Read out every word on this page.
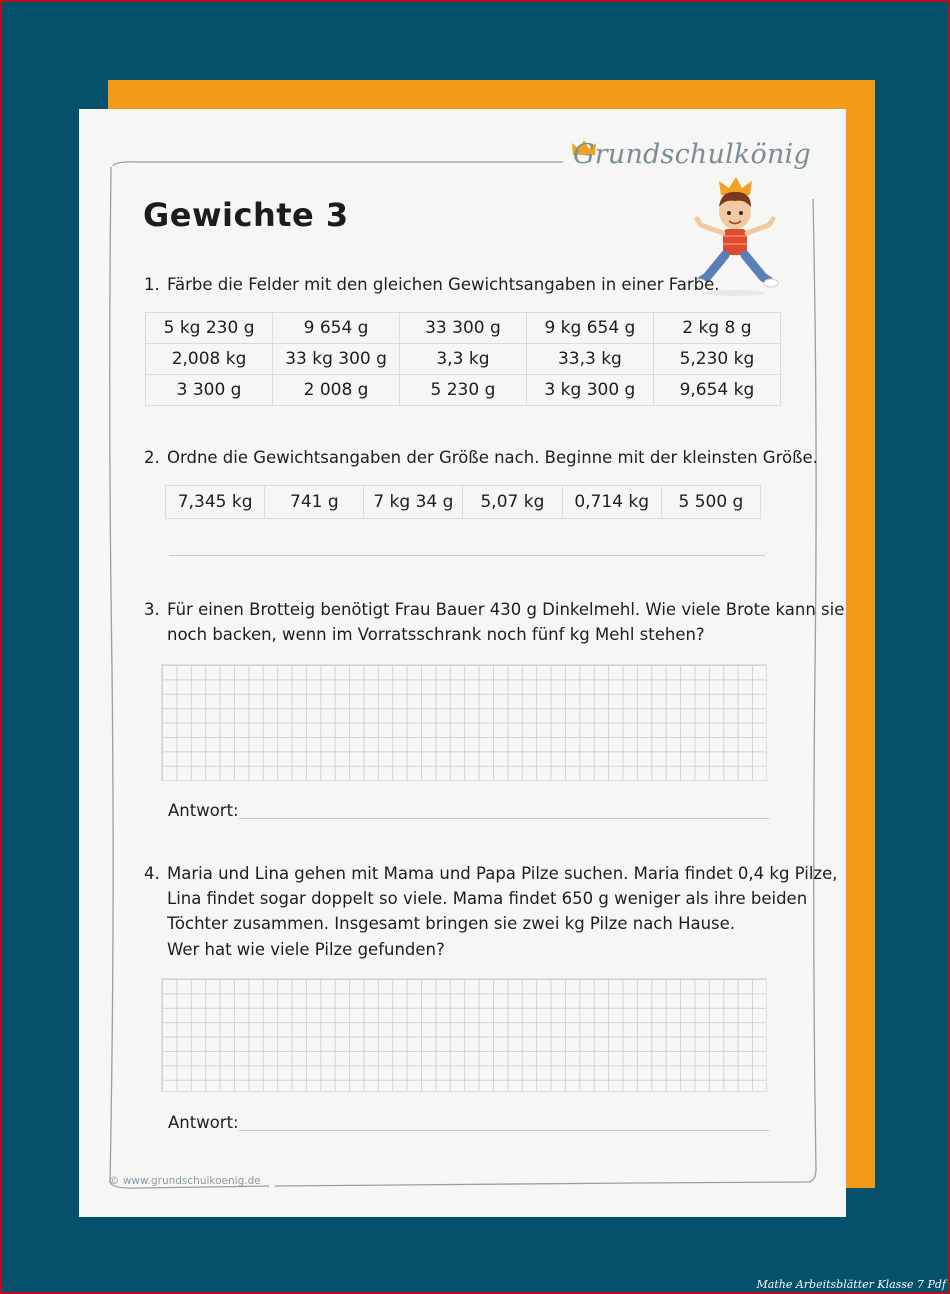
Grundschulkönig
Gewichte 3
1. Färbe die Felder mit den gleichen Gewichtsangaben in einer Farbe.
5 kg 230 g	9 654 g	33 300 g	9 kg 654 g	2 kg 8 g
2,008 kg	33 kg 300 g	3,3 kg	33,3 kg	5,230 kg
3 300 g	2 008 g	5 230 g	3 kg 300 g	9,654 kg
2. Ordne die Gewichtsangaben der Größe nach. Beginne mit der kleinsten Größe.
7,345 kg	741 g	7 kg 34 g	5,07 kg	0,714 kg	5 500 g
3. Für einen Brotteig benötigt Frau Bauer 430 g Dinkelmehl. Wie viele Brote kann sie
noch backen, wenn im Vorratsschrank noch fünf kg Mehl stehen?
Antwort:
4. Maria und Lina gehen mit Mama und Papa Pilze suchen. Maria findet 0,4 kg Pilze,
Lina findet sogar doppelt so viele. Mama findet 650 g weniger als ihre beiden
Töchter zusammen. Insgesamt bringen sie zwei kg Pilze nach Hause.
Wer hat wie viele Pilze gefunden?
Antwort:
© www.grundschulkoenig.de
Mathe Arbeitsblätter Klasse 7 Pdf
